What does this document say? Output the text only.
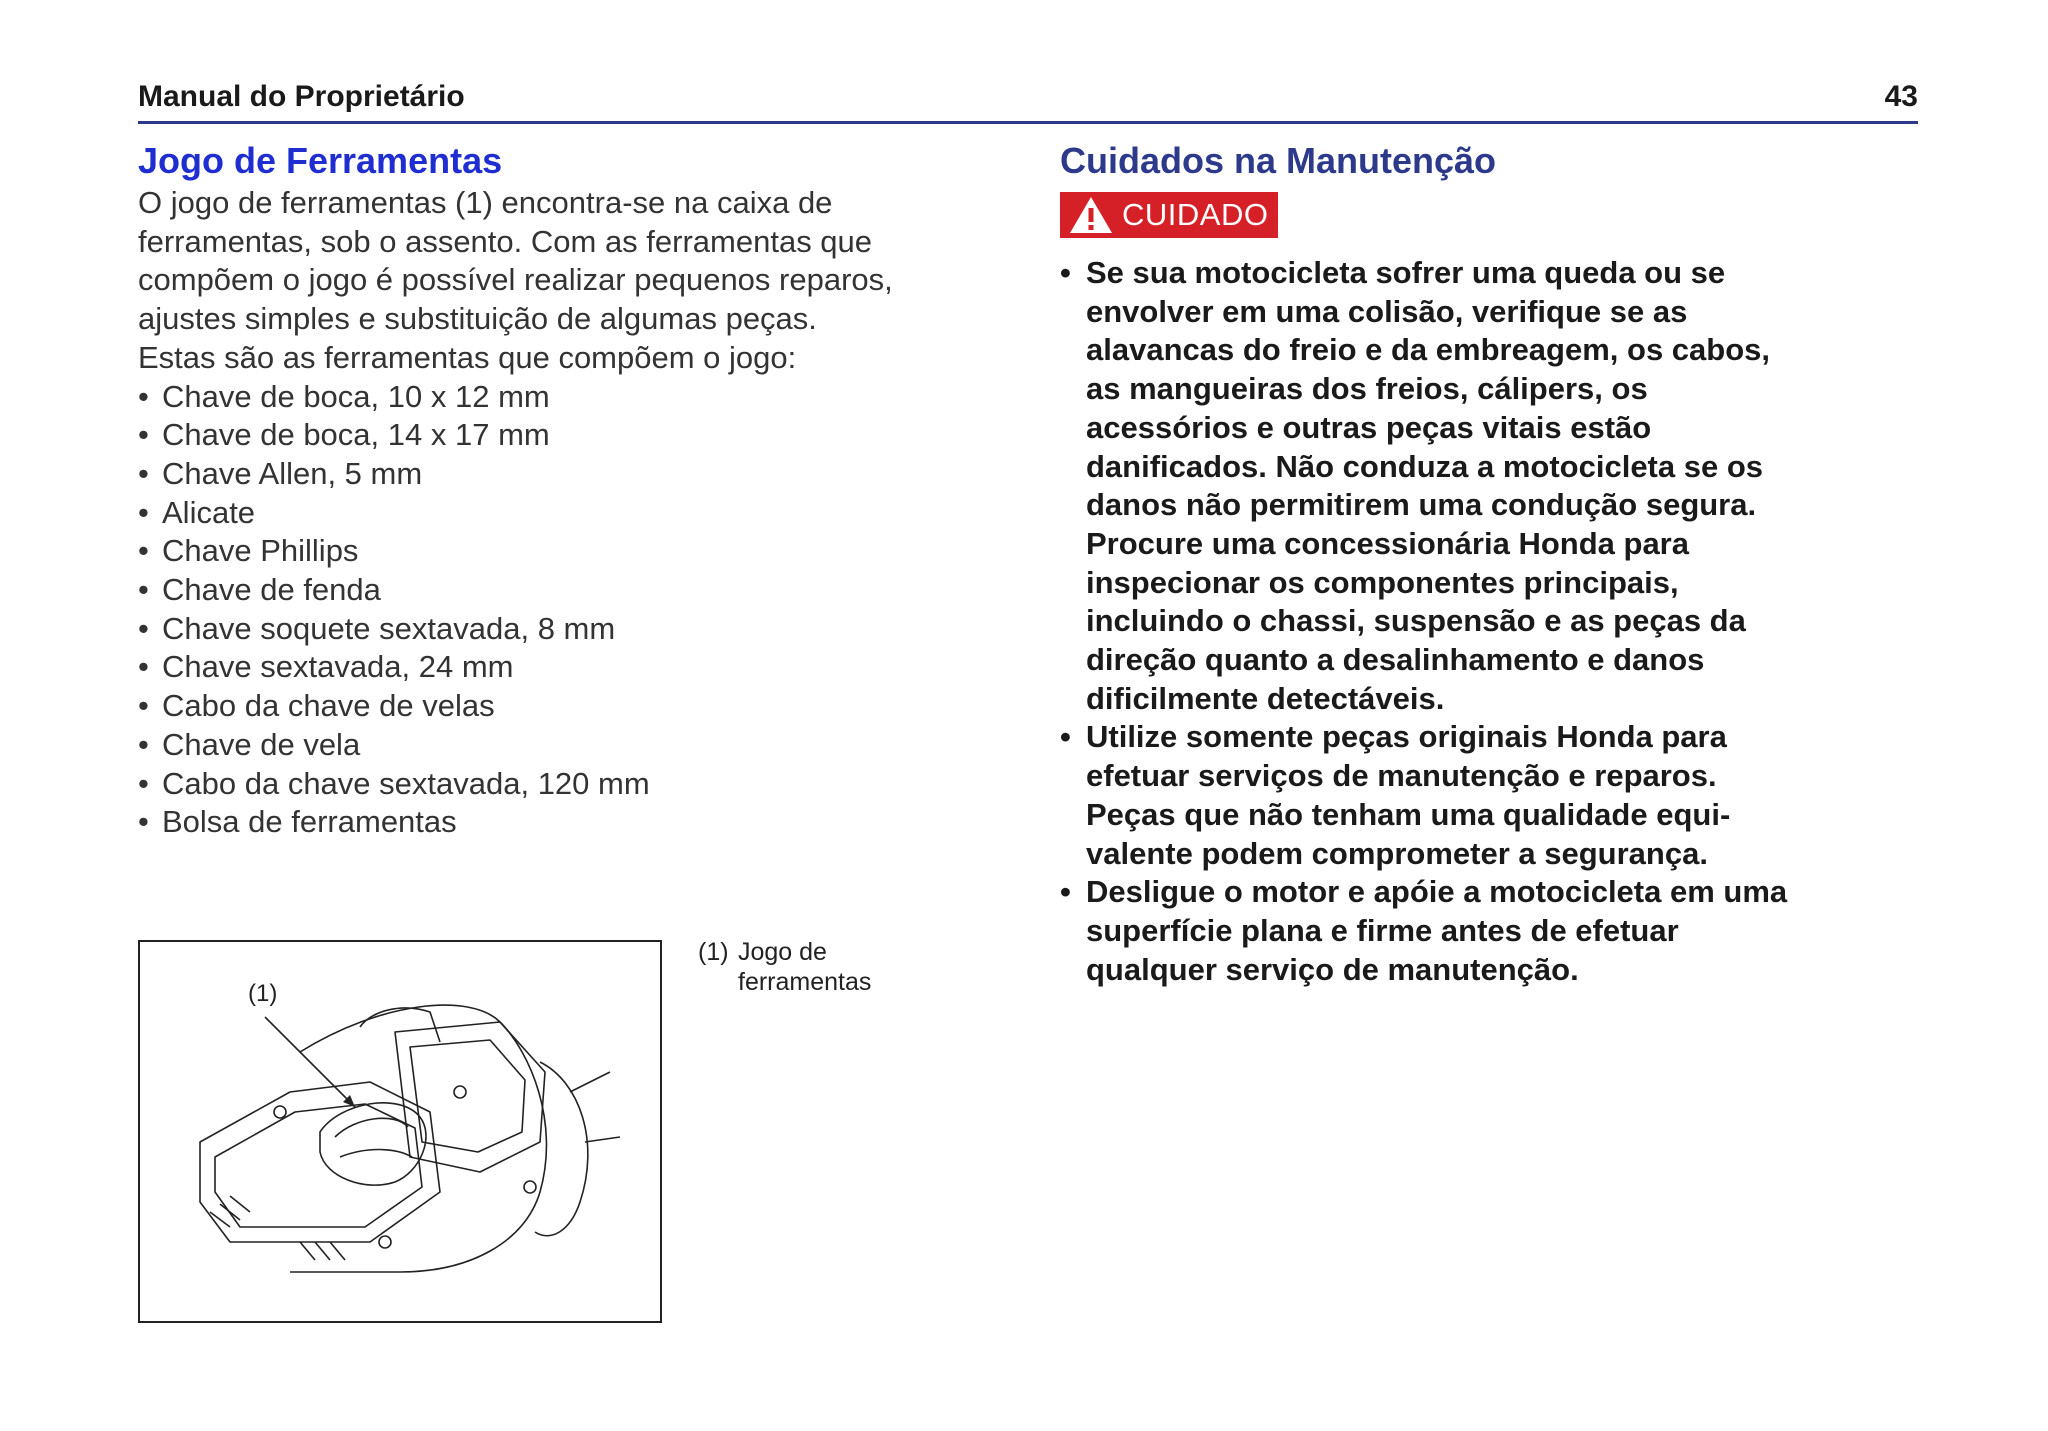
Manual do Proprietário	43
Jogo de Ferramentas

O jogo de ferramentas (1) encontra-se na caixa de
ferramentas, sob o assento. Com as ferramentas que
compõem o jogo é possível realizar pequenos reparos,
ajustes simples e substituição de algumas peças.
Estas são as ferramentas que compõem o jogo:

• Chave de boca, 10 x 12 mm
• Chave de boca, 14 x 17 mm
• Chave Allen, 5 mm
• Alicate
• Chave Phillips
• Chave de fenda
• Chave soquete sextavada, 8 mm
• Chave sextavada, 24 mm
• Cabo da chave de velas
• Chave de vela
• Cabo da chave sextavada, 120 mm
• Bolsa de ferramentas
(1)
(1) Jogo de
ferramentas
Cuidados na Manutenção
CUIDADO
• Se sua motocicleta sofrer uma queda ou se
envolver em uma colisão, verifique se as
alavancas do freio e da embreagem, os cabos,
as mangueiras dos freios, cálipers, os
acessórios e outras peças vitais estão
danificados. Não conduza a motocicleta se os
danos não permitirem uma condução segura.
Procure uma concessionária Honda para
inspecionar os componentes principais,
incluindo o chassi, suspensão e as peças da
direção quanto a desalinhamento e danos
dificilmente detectáveis.
• Utilize somente peças originais Honda para
efetuar serviços de manutenção e reparos.
Peças que não tenham uma qualidade equi-
valente podem comprometer a segurança.
• Desligue o motor e apóie a motocicleta em uma
superfície plana e firme antes de efetuar
qualquer serviço de manutenção.
